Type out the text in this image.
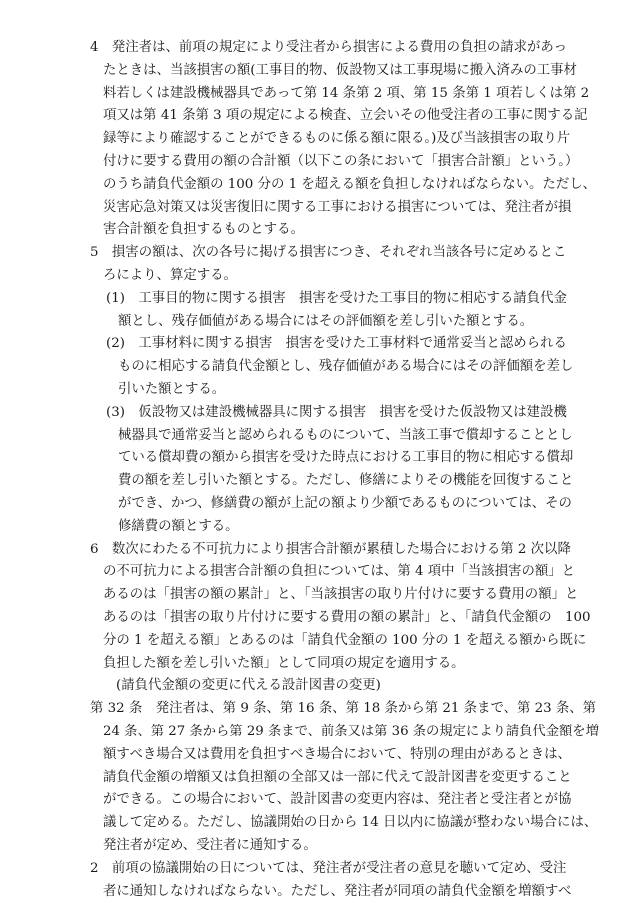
4　発注者は、前項の規定により受注者から損害による費用の負担の請求があっ
たときは、当該損害の額(工事目的物、仮設物又は工事現場に搬入済みの工事材
料若しくは建設機械器具であって第 14 条第 2 項、第 15 条第 1 項若しくは第 2
項又は第 41 条第 3 項の規定による検査、立会いその他受注者の工事に関する記
録等により確認することができるものに係る額に限る。)及び当該損害の取り片
付けに要する費用の額の合計額（以下この条において「損害合計額」という。）
のうち請負代金額の 100 分の 1 を超える額を負担しなければならない。ただし、
災害応急対策又は災害復旧に関する工事における損害については、発注者が損
害合計額を負担するものとする。
5　損害の額は、次の各号に掲げる損害につき、それぞれ当該各号に定めるとこ
ろにより、算定する。
(1)　工事目的物に関する損害　損害を受けた工事目的物に相応する請負代金
額とし、残存価値がある場合にはその評価額を差し引いた額とする。
(2)　工事材料に関する損害　損害を受けた工事材料で通常妥当と認められる
ものに相応する請負代金額とし、残存価値がある場合にはその評価額を差し
引いた額とする。
(3)　仮設物又は建設機械器具に関する損害　損害を受けた仮設物又は建設機
械器具で通常妥当と認められるものについて、当該工事で償却することとし
ている償却費の額から損害を受けた時点における工事目的物に相応する償却
費の額を差し引いた額とする。ただし、修繕によりその機能を回復すること
ができ、かつ、修繕費の額が上記の額より少額であるものについては、その
修繕費の額とする。
6　数次にわたる不可抗力により損害合計額が累積した場合における第 2 次以降
の不可抗力による損害合計額の負担については、第 4 項中「当該損害の額」と
あるのは「損害の額の累計」と、「当該損害の取り片付けに要する費用の額」と
あるのは「損害の取り片付けに要する費用の額の累計」と、「請負代金額の　100
分の 1 を超える額」とあるのは「請負代金額の 100 分の 1 を超える額から既に
負担した額を差し引いた額」として同項の規定を適用する。
(請負代金額の変更に代える設計図書の変更)
第 32 条　発注者は、第 9 条、第 16 条、第 18 条から第 21 条まで、第 23 条、第
24 条、第 27 条から第 29 条まで、前条又は第 36 条の規定により請負代金額を増
額すべき場合又は費用を負担すべき場合において、特別の理由があるときは、
請負代金額の増額又は負担額の全部又は一部に代えて設計図書を変更すること
ができる。この場合において、設計図書の変更内容は、発注者と受注者とが協
議して定める。ただし、協議開始の日から 14 日以内に協議が整わない場合には、
発注者が定め、受注者に通知する。
2　前項の協議開始の日については、発注者が受注者の意見を聴いて定め、受注
者に通知しなければならない。ただし、発注者が同項の請負代金額を増額すべ
